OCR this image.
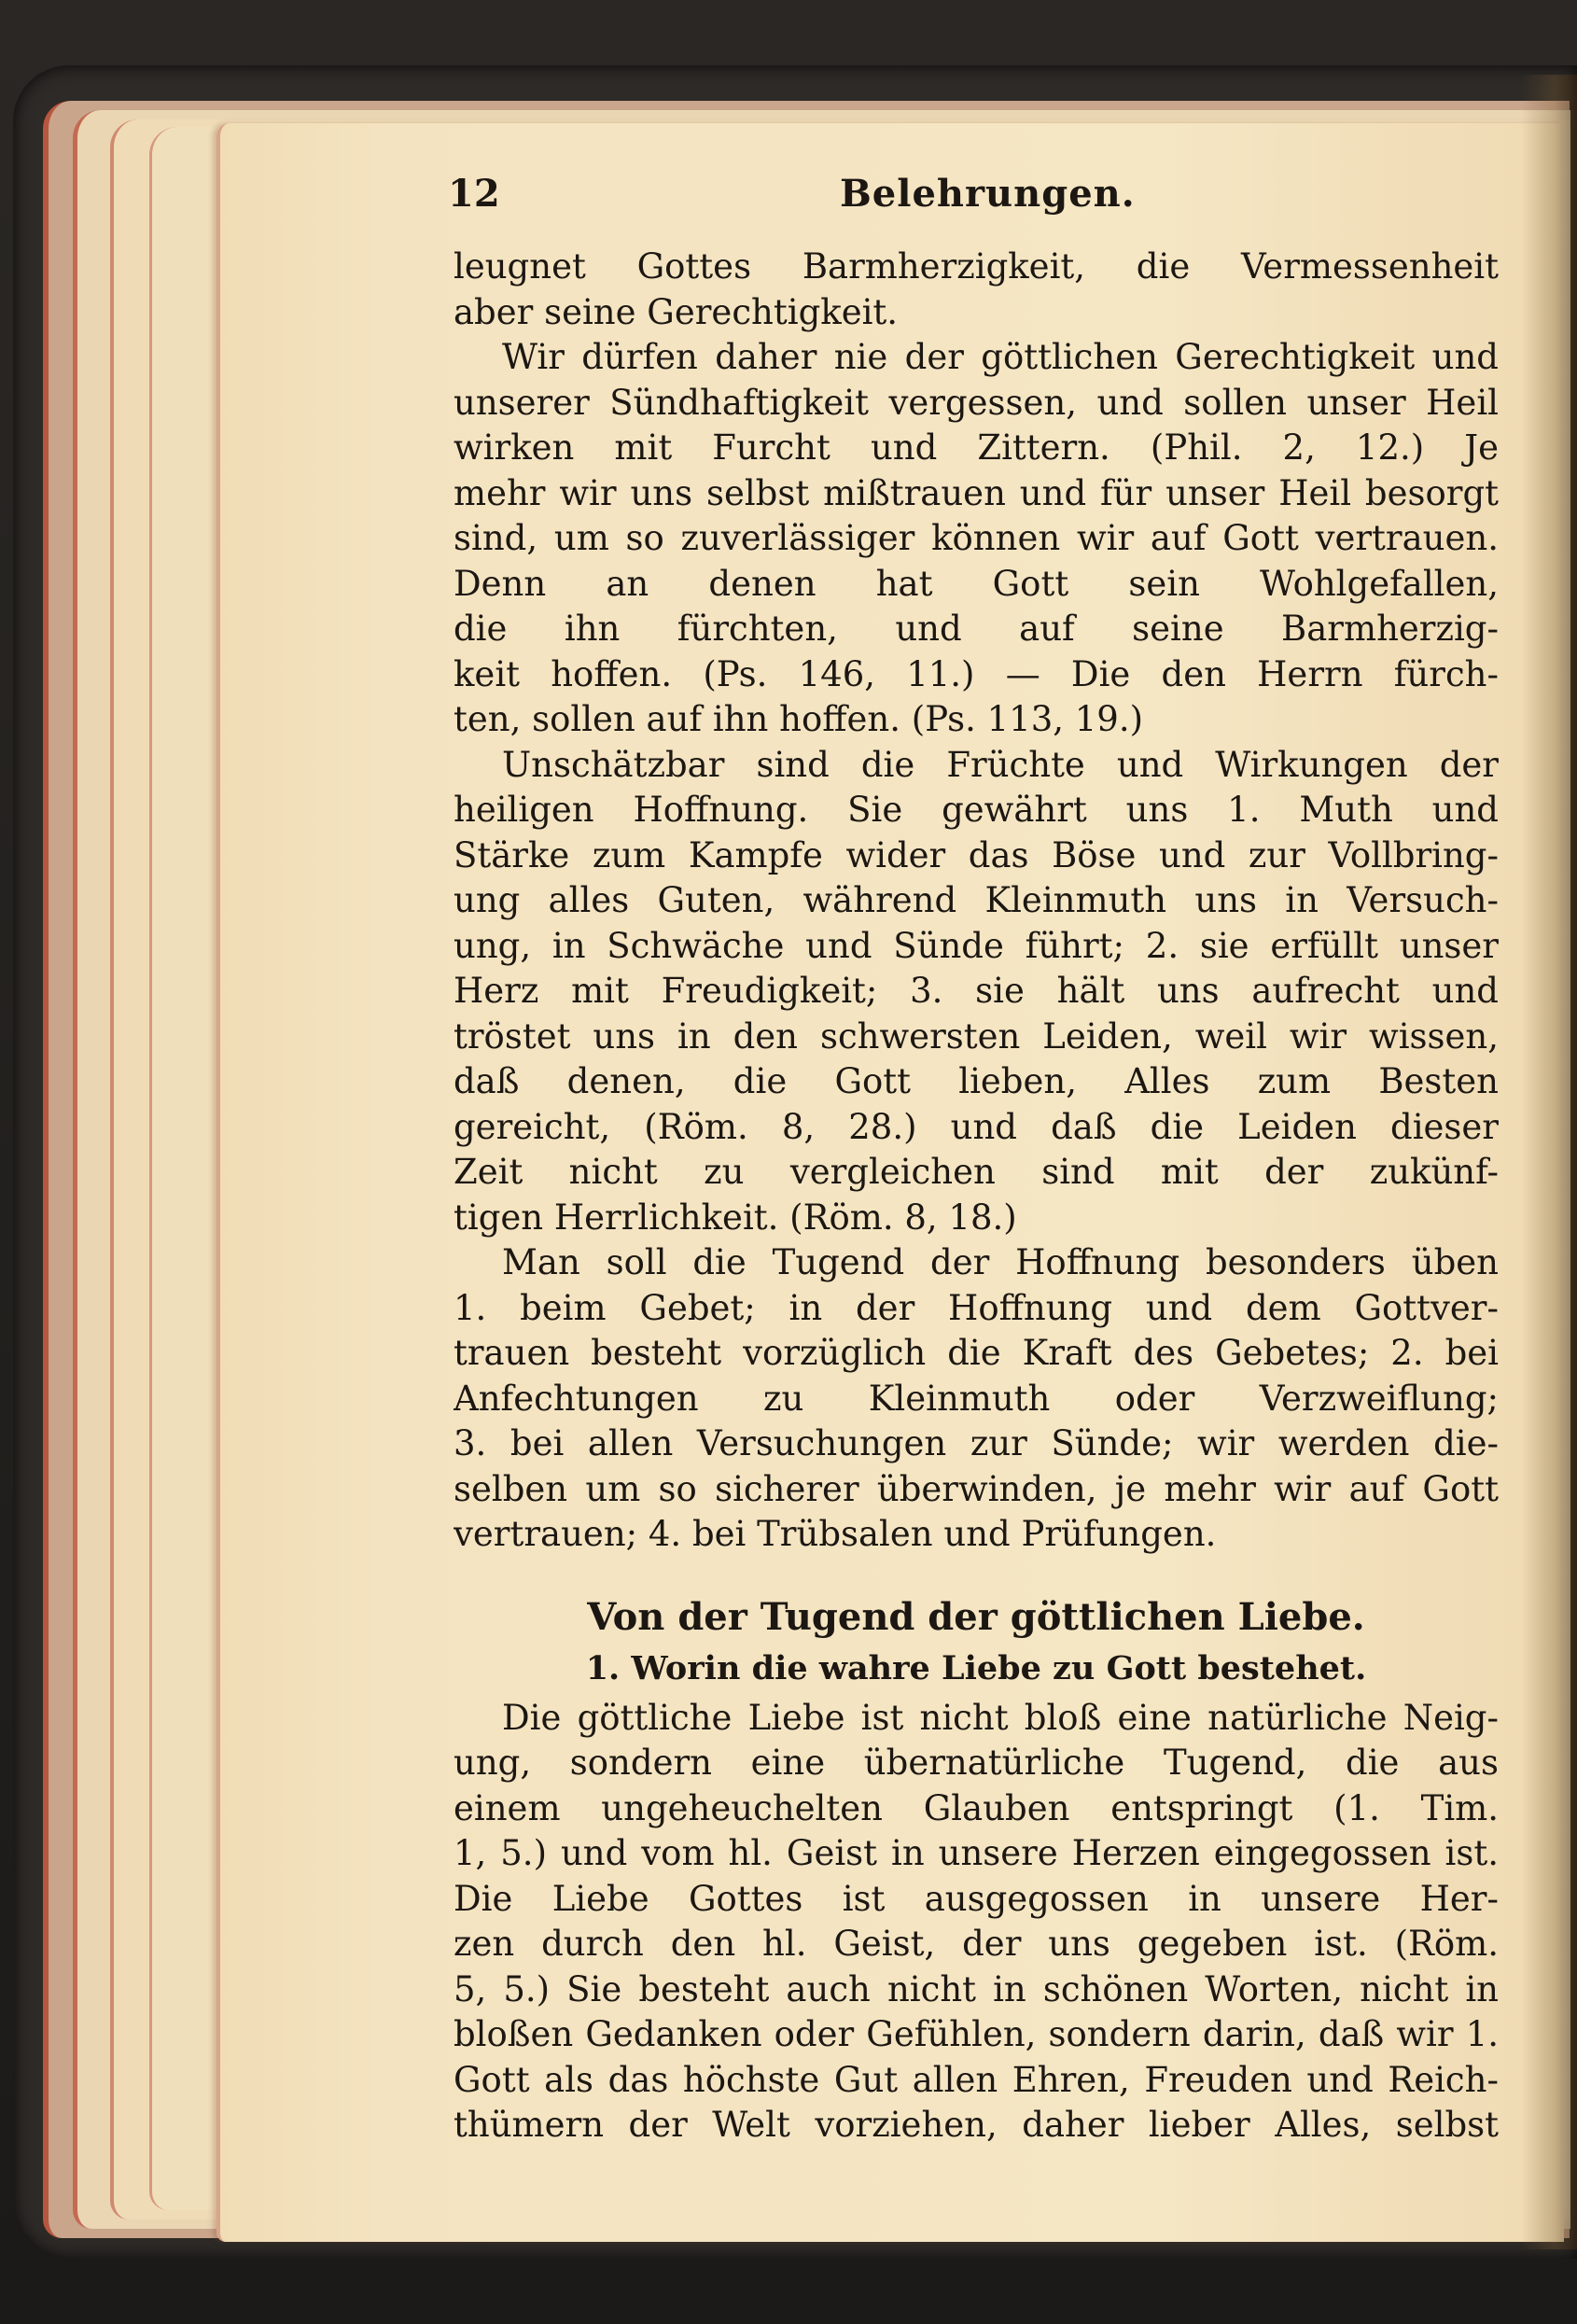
12	Belehrungen.

leugnet Gottes Barmherzigkeit, die Vermessenheit
aber seine Gerechtigkeit.

Wir dürfen daher nie der göttlichen Gerechtigkeit und
unserer Sündhaftigkeit vergessen, und sollen unser Heil
wirken mit Furcht und Zittern. (Phil. 2, 12.) Je
mehr wir uns selbst mißtrauen und für unser Heil besorgt
sind, um so zuverlässiger können wir auf Gott vertrauen.
Denn an denen hat Gott sein Wohlgefallen,
die ihn fürchten, und auf seine Barmherzig-
keit hoffen. (Ps. 146, 11.) — Die den Herrn fürch-
ten, sollen auf ihn hoffen. (Ps. 113, 19.)

Unschätzbar sind die Früchte und Wirkungen der
heiligen Hoffnung. Sie gewährt uns 1. Muth und
Stärke zum Kampfe wider das Böse und zur Vollbring-
ung alles Guten, während Kleinmuth uns in Versuch-
ung, in Schwäche und Sünde führt; 2. sie erfüllt unser
Herz mit Freudigkeit; 3. sie hält uns aufrecht und
tröstet uns in den schwersten Leiden, weil wir wissen,
daß denen, die Gott lieben, Alles zum Besten
gereicht, (Röm. 8, 28.) und daß die Leiden dieser
Zeit nicht zu vergleichen sind mit der zukünf-
tigen Herrlichkeit. (Röm. 8, 18.)

Man soll die Tugend der Hoffnung besonders üben
1. beim Gebet; in der Hoffnung und dem Gottver-
trauen besteht vorzüglich die Kraft des Gebetes; 2. bei
Anfechtungen zu Kleinmuth oder Verzweiflung;
3. bei allen Versuchungen zur Sünde; wir werden die-
selben um so sicherer überwinden, je mehr wir auf Gott
vertrauen; 4. bei Trübsalen und Prüfungen.

Von der Tugend der göttlichen Liebe.
1. Worin die wahre Liebe zu Gott bestehet.

Die göttliche Liebe ist nicht bloß eine natürliche Neig-
ung, sondern eine übernatürliche Tugend, die aus
einem ungeheuchelten Glauben entspringt (1. Tim.
1, 5.) und vom hl. Geist in unsere Herzen eingegossen ist.
Die Liebe Gottes ist ausgegossen in unsere Her-
zen durch den hl. Geist, der uns gegeben ist. (Röm.
5, 5.) Sie besteht auch nicht in schönen Worten, nicht in
bloßen Gedanken oder Gefühlen, sondern darin, daß wir 1.
Gott als das höchste Gut allen Ehren, Freuden und Reich-
thümern der Welt vorziehen, daher lieber Alles, selbst
